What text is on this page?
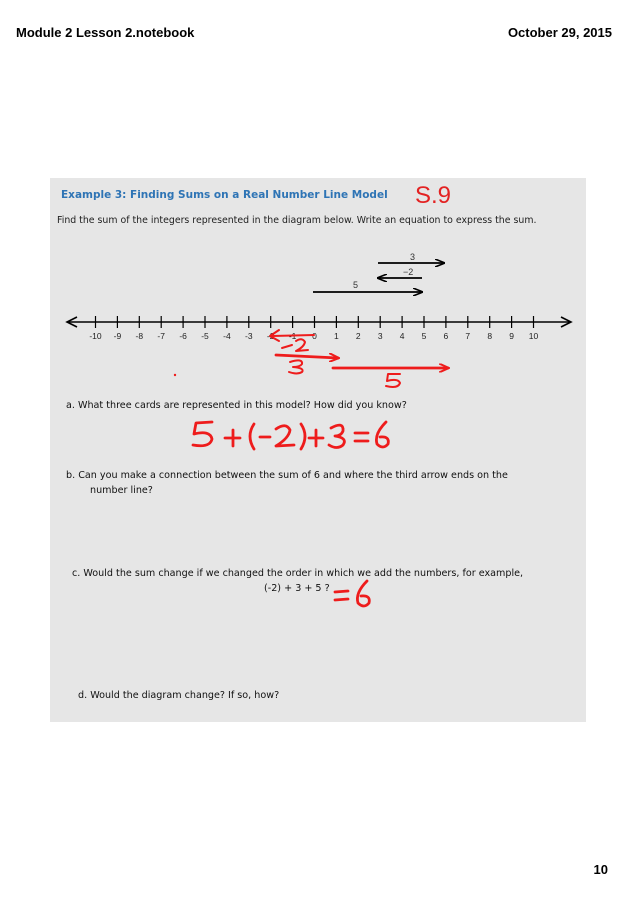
Module 2 Lesson 2.notebook	October 29, 2015
Example 3: Finding Sums on a Real Number Line Model S.9
Find the sum of the integers represented in the diagram below. Write an equation to express the sum.
-10 -9 -8 -7 -6 -5 -4 -3 -2 -1 0 1 2 3 4 5 6 7 8 9 10
5
−2
3
a. What three cards are represented in this model? How did you know?
b. Can you make a connection between the sum of 6 and where the third arrow ends on the
number line?
c. Would the sum change if we changed the order in which we add the numbers, for example,
(-2) + 3 + 5 ?
d. Would the diagram change? If so, how?
10
